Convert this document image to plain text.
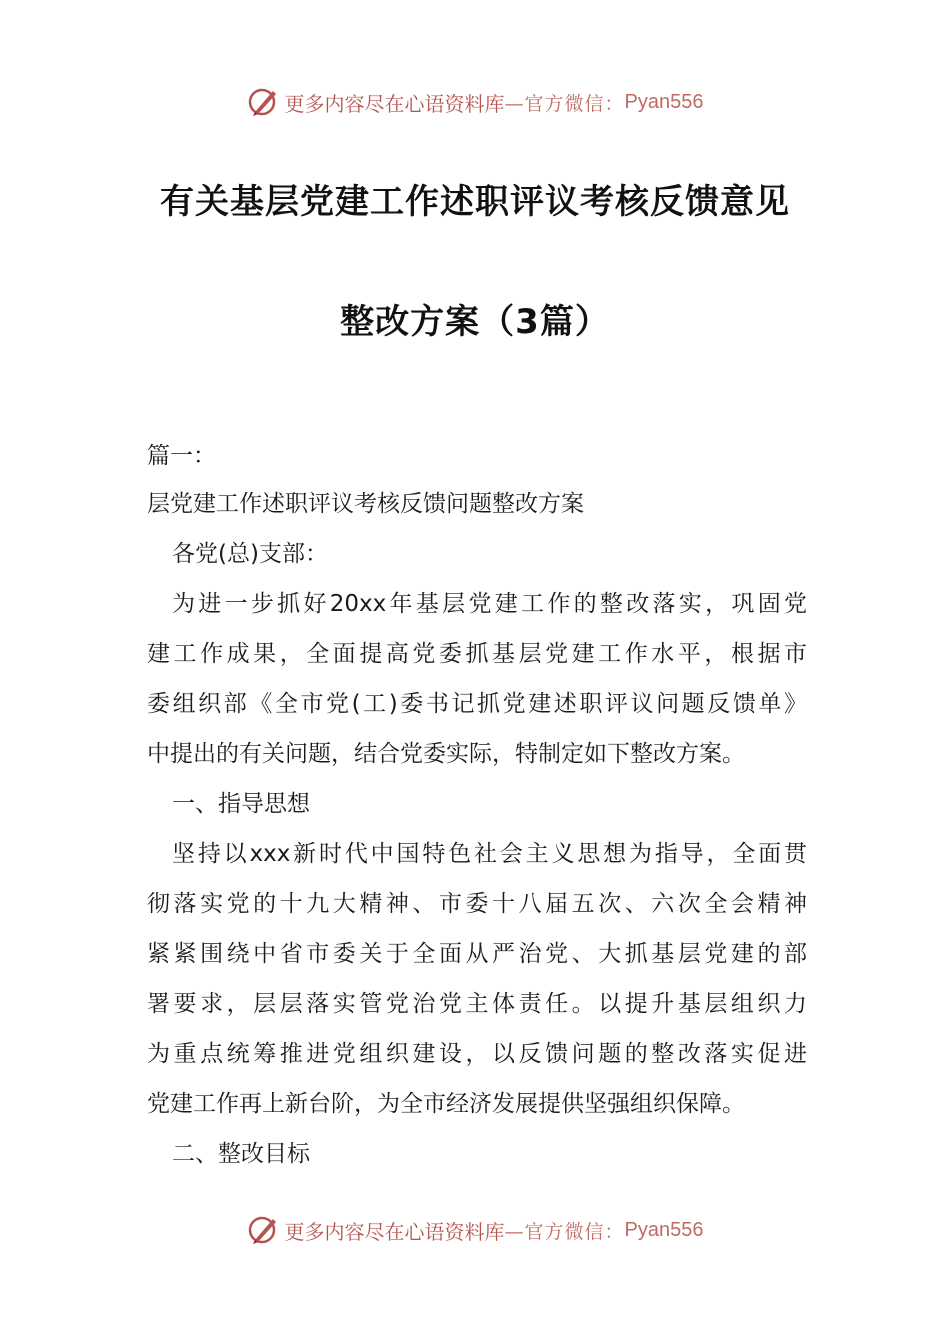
更多内容尽在心语资料库 —官方微信： Pyan556
有关基层党建工作述职评议考核反馈意见
整改方案（3篇）
篇一：
层党建工作述职评议考核反馈问题整改方案
各党(总)支部：
为进一步抓好20xx年基层党建工作的整改落实，巩固党
建工作成果，全面提高党委抓基层党建工作水平，根据市
委组织部《全市党(工)委书记抓党建述职评议问题反馈单》
中提出的有关问题，结合党委实际，特制定如下整改方案。
一、指导思想
坚持以xxx新时代中国特色社会主义思想为指导，全面贯
彻落实党的十九大精神、市委十八届五次、六次全会精神
紧紧围绕中省市委关于全面从严治党、大抓基层党建的部
署要求，层层落实管党治党主体责任。以提升基层组织力
为重点统筹推进党组织建设，以反馈问题的整改落实促进
党建工作再上新台阶，为全市经济发展提供坚强组织保障。
二、整改目标
更多内容尽在心语资料库 —官方微信： Pyan556
